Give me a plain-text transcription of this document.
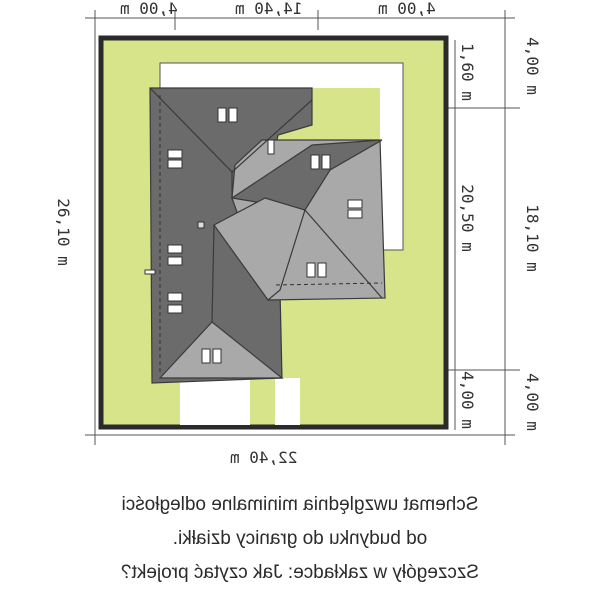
4,00 m	14,40 m	4,00 m
22,40 m
26,10 m
1,60 m
20,50 m
4,00 m
4,00 m
18,10 m
4,00 m
Schemat uwzględnia minimalne odległości
od budynku do granicy działki.
Szczegóły w zakładce: Jak czytać projekt?
